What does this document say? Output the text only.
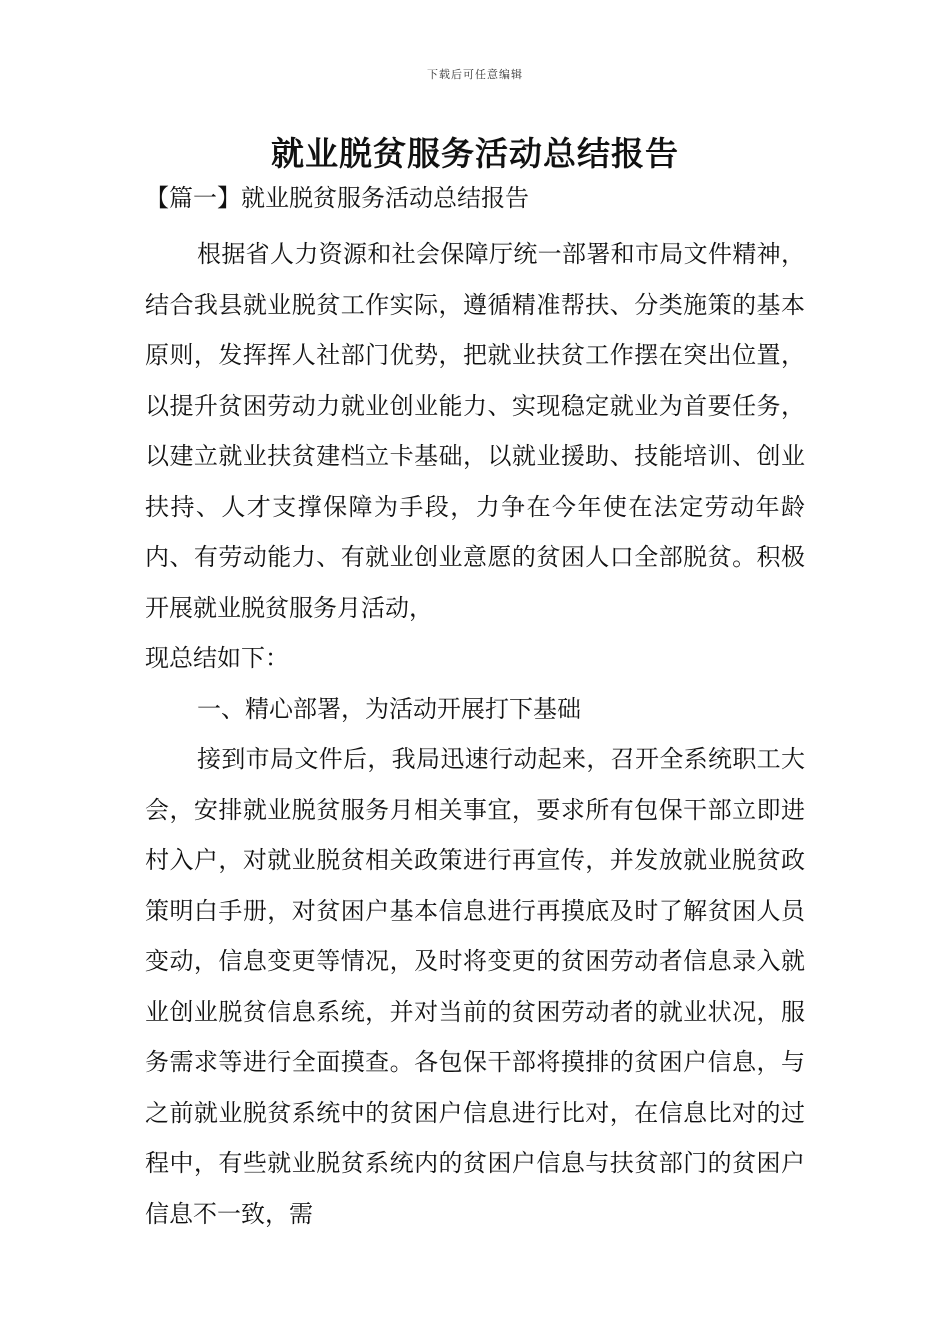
下载后可任意编辑
就业脱贫服务活动总结报告

【篇一】就业脱贫服务活动总结报告

根据省人力资源和社会保障厅统一部署和市局文件精神，结合我县就业脱贫工作实际，遵循精准帮扶、分类施策的基本原则，发挥挥人社部门优势，把就业扶贫工作摆在突出位置，以提升贫困劳动力就业创业能力、实现稳定就业为首要任务，以建立就业扶贫建档立卡基础，以就业援助、技能培训、创业扶持、人才支撑保障为手段，力争在今年使在法定劳动年龄内、有劳动能力、有就业创业意愿的贫困人口全部脱贫。积极开展就业脱贫服务月活动，

现总结如下：

一、精心部署，为活动开展打下基础

接到市局文件后，我局迅速行动起来，召开全系统职工大会，安排就业脱贫服务月相关事宜，要求所有包保干部立即进村入户，对就业脱贫相关政策进行再宣传，并发放就业脱贫政策明白手册，对贫困户基本信息进行再摸底及时了解贫困人员变动，信息变更等情况，及时将变更的贫困劳动者信息录入就业创业脱贫信息系统，并对当前的贫困劳动者的就业状况，服务需求等进行全面摸查。各包保干部将摸排的贫困户信息，与之前就业脱贫系统中的贫困户信息进行比对，在信息比对的过程中，有些就业脱贫系统内的贫困户信息与扶贫部门的贫困户信息不一致，需
